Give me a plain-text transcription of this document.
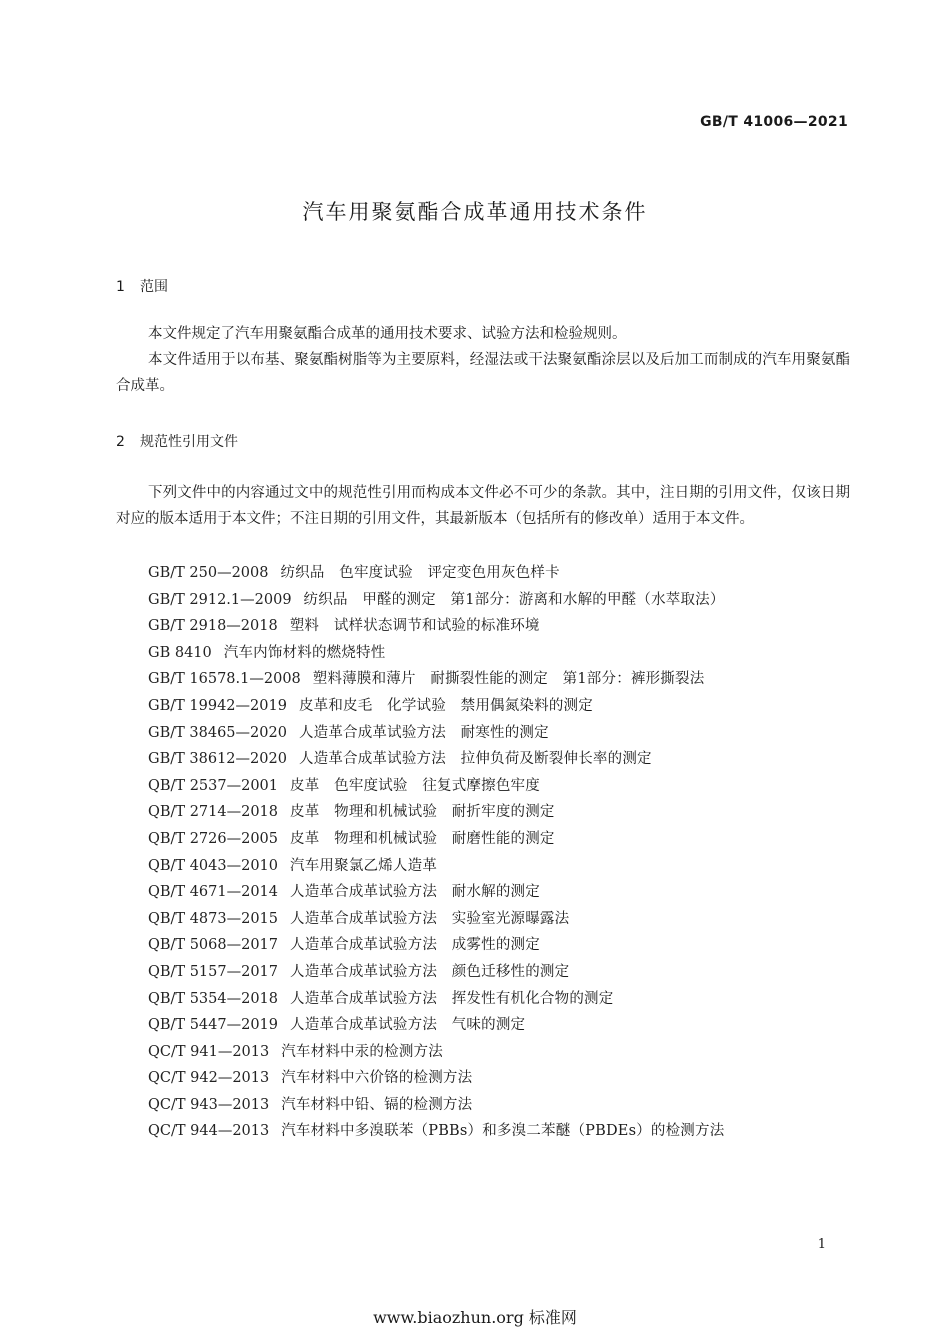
GB/T 41006—2021
汽车用聚氨酯合成革通用技术条件
1 范围

本文件规定了汽车用聚氨酯合成革的通用技术要求、试验方法和检验规则。

本文件适用于以布基、聚氨酯树脂等为主要原料，经湿法或干法聚氨酯涂层以及后加工而制成的汽车用聚氨酯合成革。

2 规范性引用文件

下列文件中的内容通过文中的规范性引用而构成本文件必不可少的条款。其中，注日期的引用文件，仅该日期对应的版本适用于本文件；不注日期的引用文件，其最新版本（包括所有的修改单）适用于本文件。

GB/T 250—2008 纺织品　色牢度试验　评定变色用灰色样卡
GB/T 2912.1—2009 纺织品　甲醛的测定　第1部分：游离和水解的甲醛（水萃取法）
GB/T 2918—2018 塑料　试样状态调节和试验的标准环境
GB 8410 汽车内饰材料的燃烧特性
GB/T 16578.1—2008 塑料薄膜和薄片　耐撕裂性能的测定　第1部分：裤形撕裂法
GB/T 19942—2019 皮革和皮毛　化学试验　禁用偶氮染料的测定
GB/T 38465—2020 人造革合成革试验方法　耐寒性的测定
GB/T 38612—2020 人造革合成革试验方法　拉伸负荷及断裂伸长率的测定
QB/T 2537—2001 皮革　色牢度试验　往复式摩擦色牢度
QB/T 2714—2018 皮革　物理和机械试验　耐折牢度的测定
QB/T 2726—2005 皮革　物理和机械试验　耐磨性能的测定
QB/T 4043—2010 汽车用聚氯乙烯人造革
QB/T 4671—2014 人造革合成革试验方法　耐水解的测定
QB/T 4873—2015 人造革合成革试验方法　实验室光源曝露法
QB/T 5068—2017 人造革合成革试验方法　成雾性的测定
QB/T 5157—2017 人造革合成革试验方法　颜色迁移性的测定
QB/T 5354—2018 人造革合成革试验方法　挥发性有机化合物的测定
QB/T 5447—2019 人造革合成革试验方法　气味的测定
QC/T 941—2013 汽车材料中汞的检测方法
QC/T 942—2013 汽车材料中六价铬的检测方法
QC/T 943—2013 汽车材料中铅、镉的检测方法
QC/T 944—2013 汽车材料中多溴联苯（PBBs）和多溴二苯醚（PBDEs）的检测方法
1
www.biaozhun.org 标准网
